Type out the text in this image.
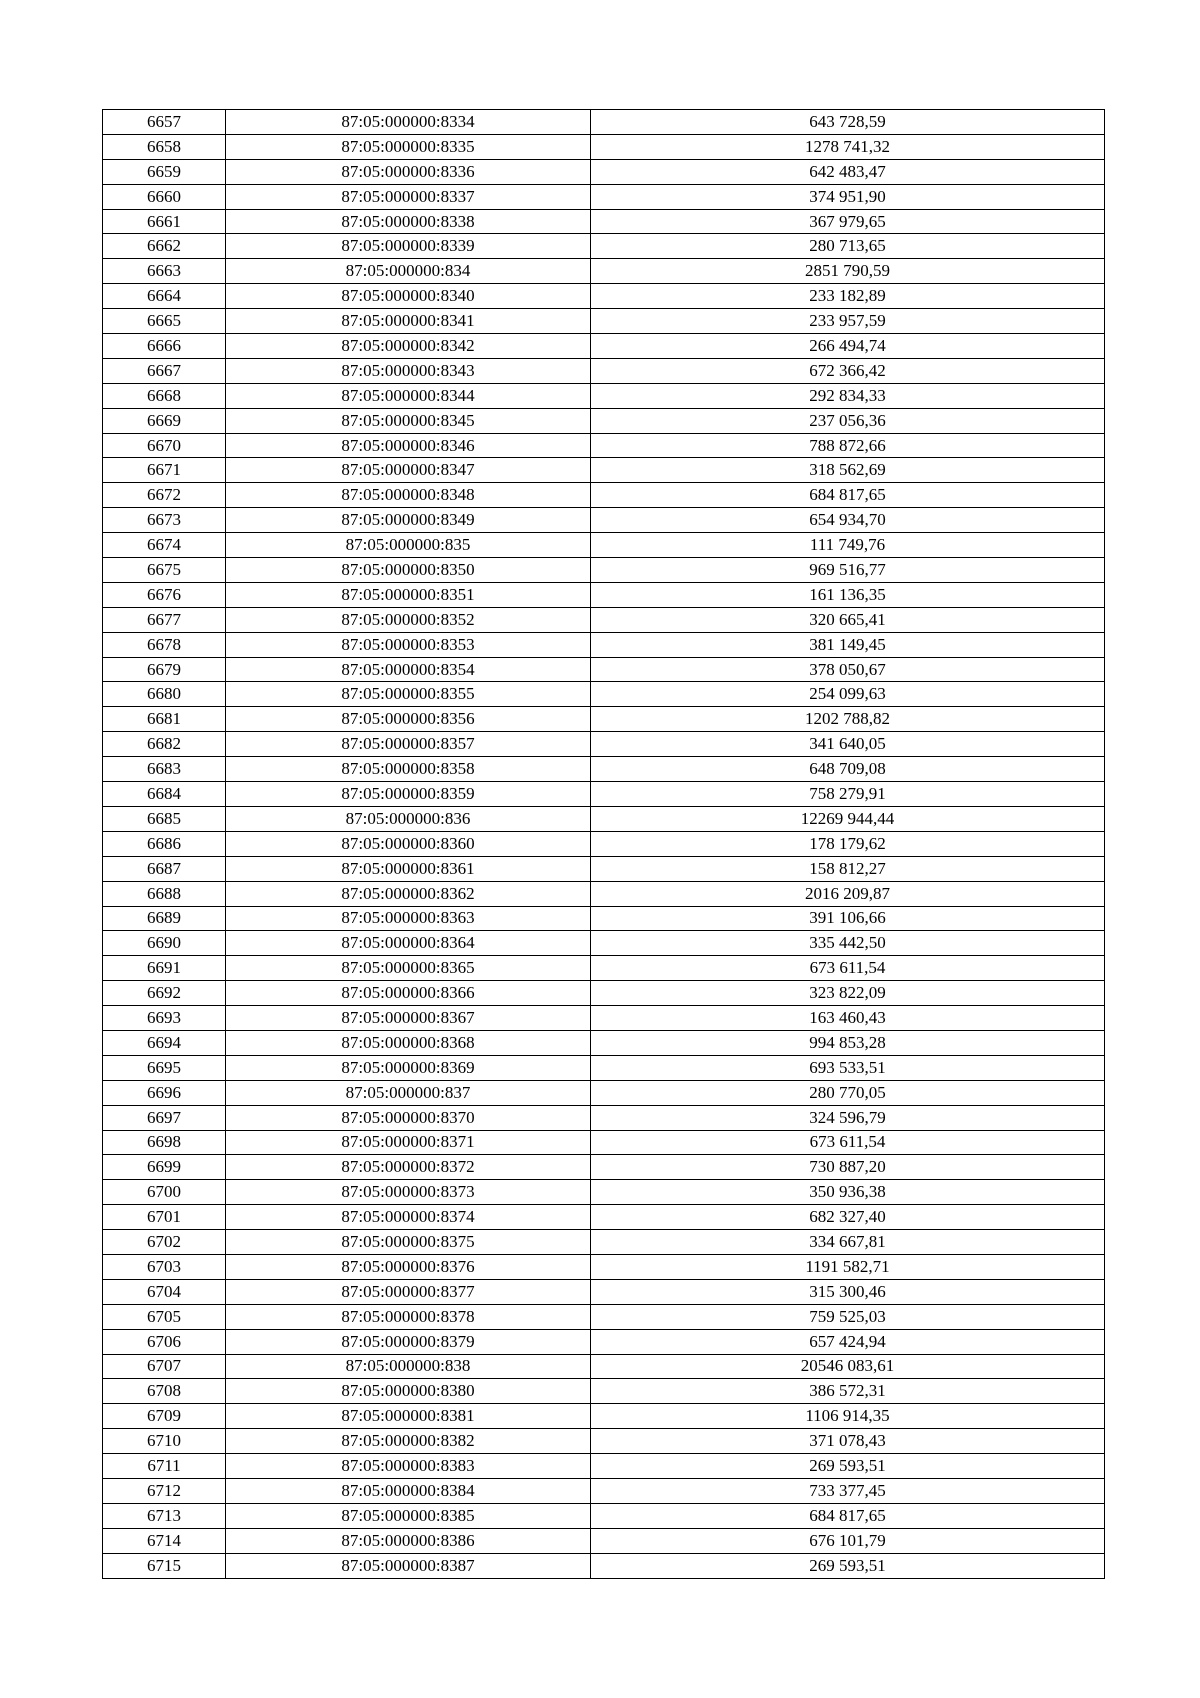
6657	87:05:000000:8334	643 728,59
6658	87:05:000000:8335	1278 741,32
6659	87:05:000000:8336	642 483,47
6660	87:05:000000:8337	374 951,90
6661	87:05:000000:8338	367 979,65
6662	87:05:000000:8339	280 713,65
6663	87:05:000000:834	2851 790,59
6664	87:05:000000:8340	233 182,89
6665	87:05:000000:8341	233 957,59
6666	87:05:000000:8342	266 494,74
6667	87:05:000000:8343	672 366,42
6668	87:05:000000:8344	292 834,33
6669	87:05:000000:8345	237 056,36
6670	87:05:000000:8346	788 872,66
6671	87:05:000000:8347	318 562,69
6672	87:05:000000:8348	684 817,65
6673	87:05:000000:8349	654 934,70
6674	87:05:000000:835	111 749,76
6675	87:05:000000:8350	969 516,77
6676	87:05:000000:8351	161 136,35
6677	87:05:000000:8352	320 665,41
6678	87:05:000000:8353	381 149,45
6679	87:05:000000:8354	378 050,67
6680	87:05:000000:8355	254 099,63
6681	87:05:000000:8356	1202 788,82
6682	87:05:000000:8357	341 640,05
6683	87:05:000000:8358	648 709,08
6684	87:05:000000:8359	758 279,91
6685	87:05:000000:836	12269 944,44
6686	87:05:000000:8360	178 179,62
6687	87:05:000000:8361	158 812,27
6688	87:05:000000:8362	2016 209,87
6689	87:05:000000:8363	391 106,66
6690	87:05:000000:8364	335 442,50
6691	87:05:000000:8365	673 611,54
6692	87:05:000000:8366	323 822,09
6693	87:05:000000:8367	163 460,43
6694	87:05:000000:8368	994 853,28
6695	87:05:000000:8369	693 533,51
6696	87:05:000000:837	280 770,05
6697	87:05:000000:8370	324 596,79
6698	87:05:000000:8371	673 611,54
6699	87:05:000000:8372	730 887,20
6700	87:05:000000:8373	350 936,38
6701	87:05:000000:8374	682 327,40
6702	87:05:000000:8375	334 667,81
6703	87:05:000000:8376	1191 582,71
6704	87:05:000000:8377	315 300,46
6705	87:05:000000:8378	759 525,03
6706	87:05:000000:8379	657 424,94
6707	87:05:000000:838	20546 083,61
6708	87:05:000000:8380	386 572,31
6709	87:05:000000:8381	1106 914,35
6710	87:05:000000:8382	371 078,43
6711	87:05:000000:8383	269 593,51
6712	87:05:000000:8384	733 377,45
6713	87:05:000000:8385	684 817,65
6714	87:05:000000:8386	676 101,79
6715	87:05:000000:8387	269 593,51
